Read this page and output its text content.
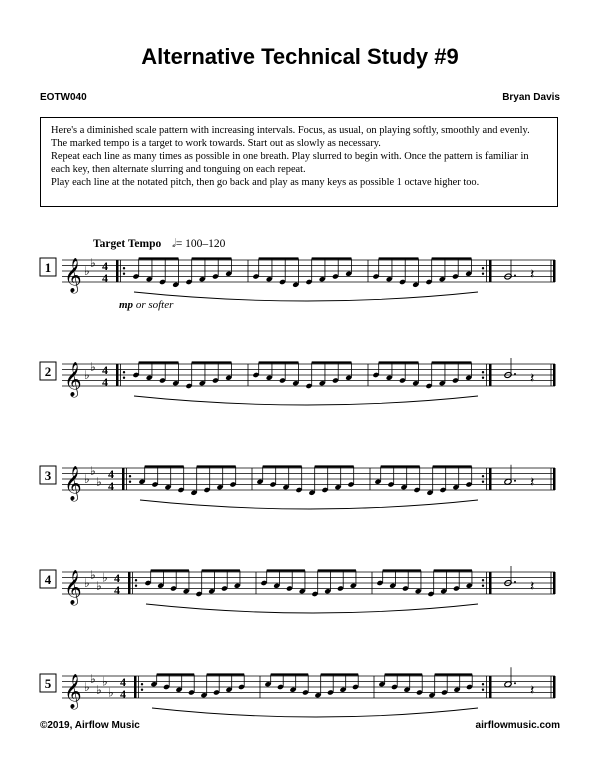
Alternative Technical Study #9
EOTW040	Bryan Davis

Here's a diminished scale pattern with increasing intervals. Focus, as usual, on playing softly, smoothly and evenly.

The marked tempo is a target to work towards. Start out as slowly as necessary.

Repeat each line as many times as possible in one breath. Play slurred to begin with. Once the pattern is familiar in each key, then alternate slurring and tonguing on each repeat.

Play each line at the notated pitch, then go back and play as many keys as possible 1 octave higher too.

Target Tempo 𝅗𝅥= 100–120
mp or softer
1 𝄞 ♭
♭ 4
4	𝄽
2 𝄞 ♭
♭ 4
4	𝄽
3 𝄞 ♭
♭
♭
4
4	𝄽
4 𝄞 ♭
♭
♭
♭ 4
4	𝄽
5 𝄞 ♭
♭
♭
♭
♭
4
4	𝄽
©2019, Airflow Music	airflowmusic.com
